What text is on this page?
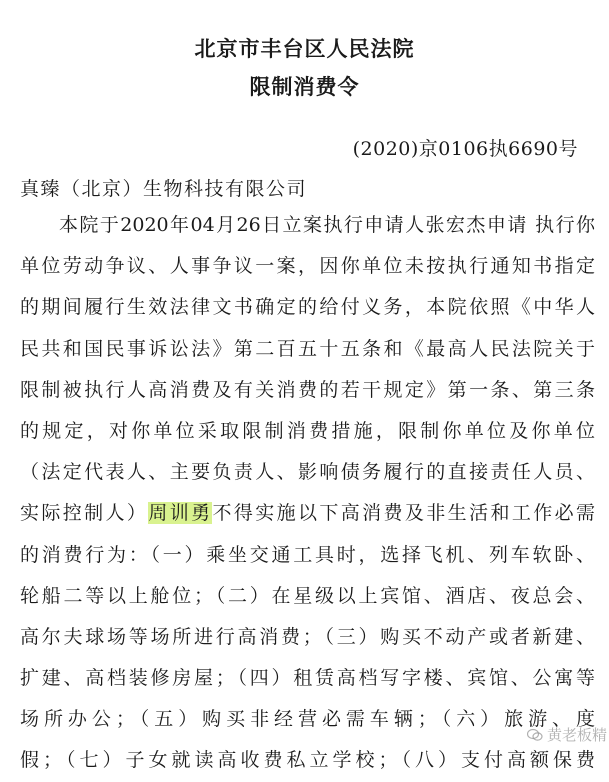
北京市丰台区人民法院
限制消费令
(2020)京0106执6690号
真臻（北京）生物科技有限公司
本院于2020年04月26日立案执行申请人张宏杰申请 执行你
单位劳动争议、人事争议一案，因你单位未按执行通知书指定
的期间履行生效法律文书确定的给付义务，本院依照《中华人
民共和国民事诉讼法》第二百五十五条和《最高人民法院关于
限制被执行人高消费及有关消费的若干规定》第一条、第三条
的规定，对你单位采取限制消费措施，限制你单位及你单位
（法定代表人、主要负责人、影响债务履行的直接责任人员、
实际控制人）周训勇不得实施以下高消费及非生活和工作必需
的消费行为：（一）乘坐交通工具时，选择飞机、列车软卧、
轮船二等以上舱位；（二）在星级以上宾馆、酒店、夜总会、
高尔夫球场等场所进行高消费；（三）购买不动产或者新建、
扩建、高档装修房屋；（四）租赁高档写字楼、宾馆、公寓等
场所办公；（五）购买非经营必需车辆；（六）旅游、度
假；（七）子女就读高收费私立学校；（八）支付高额保费
黄老板精
